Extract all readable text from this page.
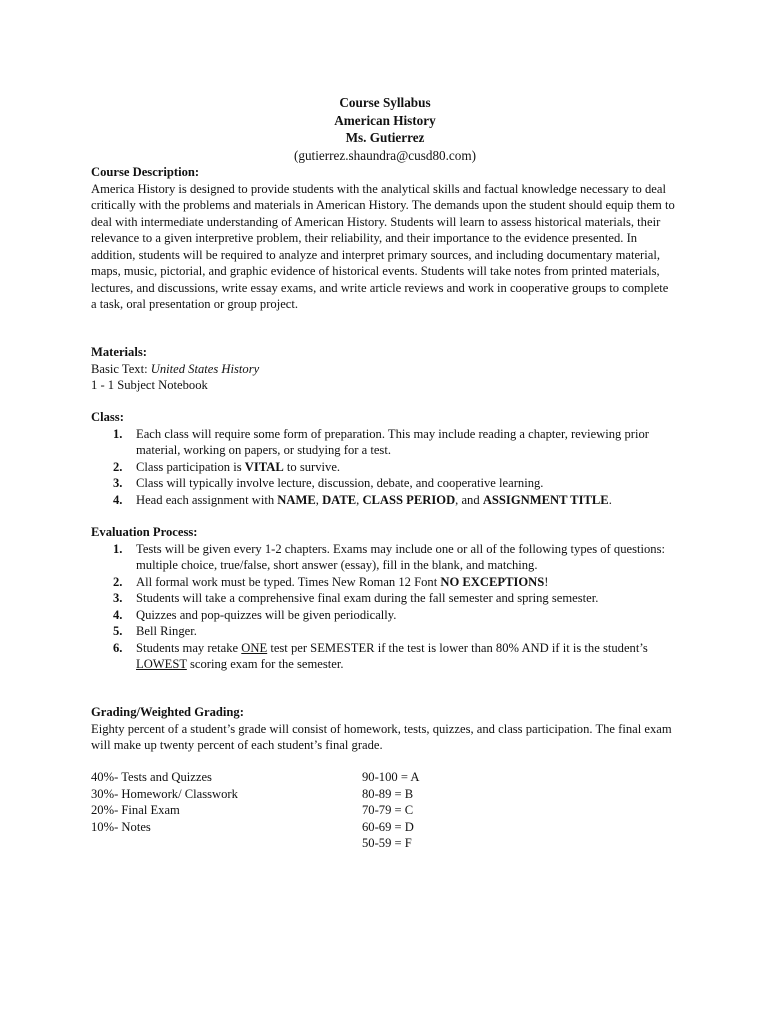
Course Syllabus
American History
Ms. Gutierrez
(gutierrez.shaundra@cusd80.com)
Course Description:

America History is designed to provide students with the analytical skills and factual knowledge necessary to deal critically with the problems and materials in American History. The demands upon the student should equip them to deal with intermediate understanding of American History. Students will learn to assess historical materials, their relevance to a given interpretive problem, their reliability, and their importance to the evidence presented. In addition, students will be required to analyze and interpret primary sources, and including documentary material, maps, music, pictorial, and graphic evidence of historical events. Students will take notes from printed materials, lectures, and discussions, write essay exams, and write article reviews and work in cooperative groups to complete a task, oral presentation or group project.

Materials:
Basic Text: United States History
1 - 1 Subject Notebook
Class:
1. Each class will require some form of preparation. This may include reading a chapter, reviewing prior material, working on papers, or studying for a test.
2. Class participation is VITAL to survive.
3. Class will typically involve lecture, discussion, debate, and cooperative learning.
4. Head each assignment with NAME, DATE, CLASS PERIOD, and ASSIGNMENT TITLE.
Evaluation Process:
1. Tests will be given every 1-2 chapters. Exams may include one or all of the following types of questions: multiple choice, true/false, short answer (essay), fill in the blank, and matching.
2. All formal work must be typed. Times New Roman 12 Font NO EXCEPTIONS!
3. Students will take a comprehensive final exam during the fall semester and spring semester.
4. Quizzes and pop-quizzes will be given periodically.
5. Bell Ringer.
6. Students may retake ONE test per SEMESTER if the test is lower than 80% AND if it is the student’s LOWEST scoring exam for the semester.
Grading/Weighted Grading:

Eighty percent of a student’s grade will consist of homework, tests, quizzes, and class participation. The final exam will make up twenty percent of each student’s final grade.

40%- Tests and Quizzes	90-100 = A
30%- Homework/ Classwork	80-89 = B
20%- Final Exam	70-79 = C
10%- Notes	60-69 = D
50-59 = F
